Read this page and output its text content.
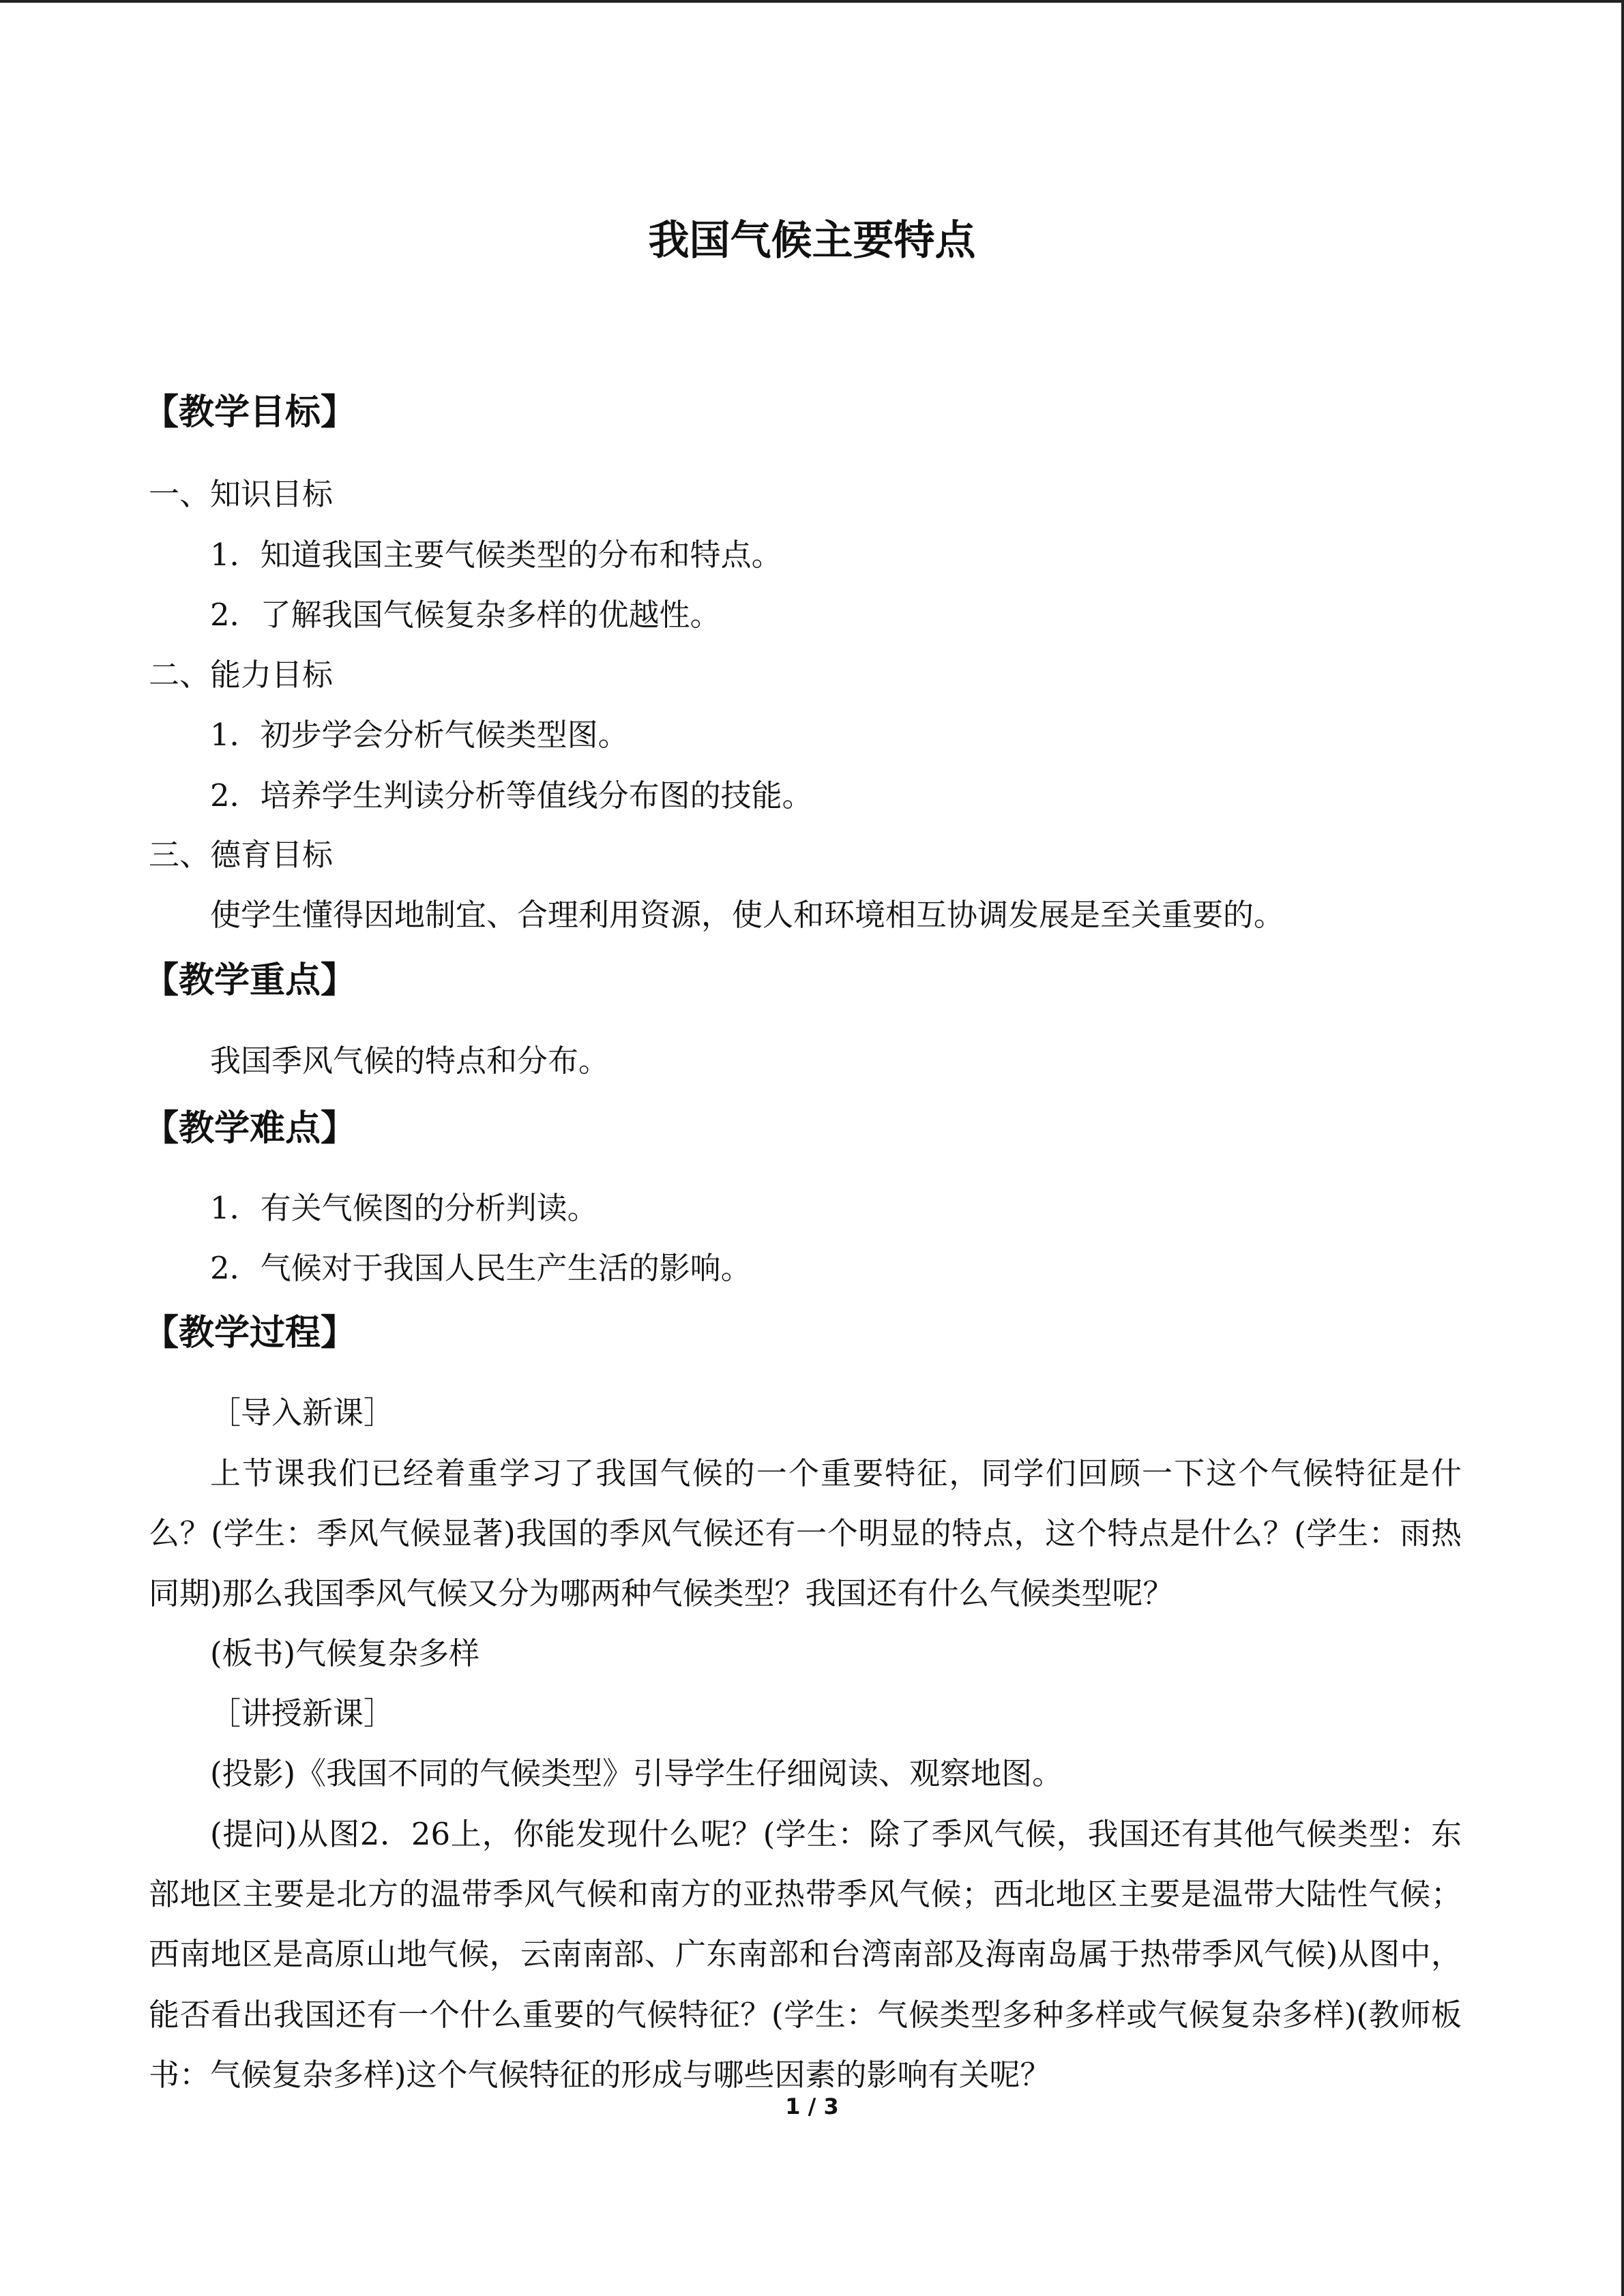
我国气候主要特点
【教学目标】
一、知识目标
1．知道我国主要气候类型的分布和特点。
2．了解我国气候复杂多样的优越性。
二、能力目标
1．初步学会分析气候类型图。
2．培养学生判读分析等值线分布图的技能。
三、德育目标
使学生懂得因地制宜、合理利用资源，使人和环境相互协调发展是至关重要的。
【教学重点】
我国季风气候的特点和分布。
【教学难点】
1．有关气候图的分析判读。
2．气候对于我国人民生产生活的影响。
【教学过程】
［导入新课］
上节课我们已经着重学习了我国气候的一个重要特征，同学们回顾一下这个气候特征是什么？(学生：季风气候显著)我国的季风气候还有一个明显的特点，这个特点是什么？(学生：雨热同期)那么我国季风气候又分为哪两种气候类型？我国还有什么气候类型呢？
(板书)气候复杂多样
［讲授新课］
(投影)《我国不同的气候类型》引导学生仔细阅读、观察地图。
(提问)从图2．26上，你能发现什么呢？(学生：除了季风气候，我国还有其他气候类型：东部地区主要是北方的温带季风气候和南方的亚热带季风气候；西北地区主要是温带大陆性气候；西南地区是高原山地气候，云南南部、广东南部和台湾南部及海南岛属于热带季风气候)从图中，能否看出我国还有一个什么重要的气候特征？(学生：气候类型多种多样或气候复杂多样)(教师板书：气候复杂多样)这个气候特征的形成与哪些因素的影响有关呢？
1 / 3
